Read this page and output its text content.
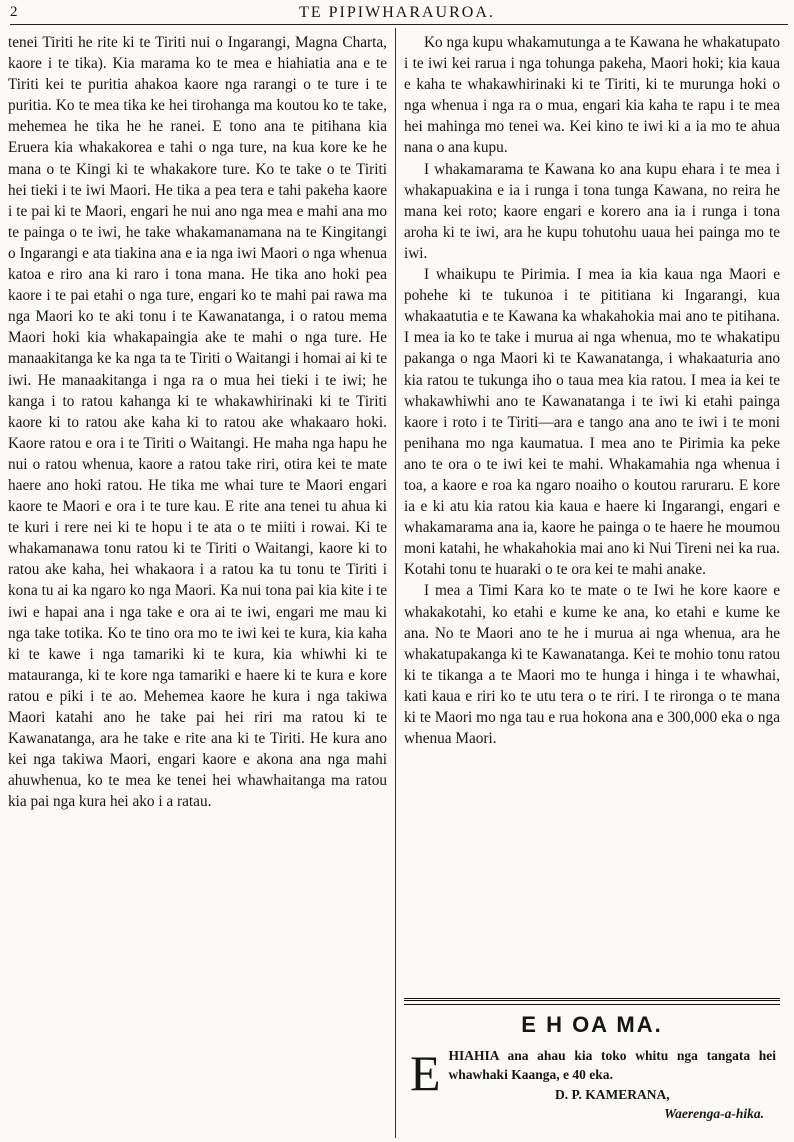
2	TE PIPIWHARAUROA.

tenei Tiriti he rite ki te Tiriti nui o Ingarangi, Magna Charta, kaore i te tika). Kia marama ko te mea e hiahiatia ana e te Tiriti kei te puritia ahakoa kaore nga rarangi o te ture i te puritia. Ko te mea tika ke hei tirohanga ma koutou ko te take, mehemea he tika he he ranei. E tono ana te pitihana kia Eruera kia whakakorea e tahi o nga ture, na kua kore ke he mana o te Kingi ki te whakakore ture. Ko te take o te Tiriti hei tieki i te iwi Maori. He tika a pea tera e tahi pakeha kaore i te pai ki te Maori, engari he nui ano nga mea e mahi ana mo te painga o te iwi, he take whakamanamana na te Kingitangi o Ingarangi e ata tiakina ana e ia nga iwi Maori o nga whenua katoa e riro ana ki raro i tona mana. He tika ano hoki pea kaore i te pai etahi o nga ture, engari ko te mahi pai rawa ma nga Maori ko te aki tonu i te Kawanatanga, i o ratou mema Maori hoki kia whakapaingia ake te mahi o nga ture. He manaakitanga ke ka nga ta te Tiriti o Waitangi i homai ai ki te iwi. He manaakitanga i nga ra o mua hei tieki i te iwi; he kanga i to ratou kahanga ki te whakawhirinaki ki te Tiriti kaore ki to ratou ake kaha ki to ratou ake whakaaro hoki. Kaore ratou e ora i te Tiriti o Waitangi. He maha nga hapu he nui o ratou whenua, kaore a ratou take riri, otira kei te mate haere ano hoki ratou. He tika me whai ture te Maori engari kaore te Maori e ora i te ture kau. E rite ana tenei tu ahua ki te kuri i rere nei ki te hopu i te ata o te miiti i rowai. Ki te whakamanawa tonu ratou ki te Tiriti o Waitangi, kaore ki to ratou ake kaha, hei whakaora i a ratou ka tu tonu te Tiriti i kona tu ai ka ngaro ko nga Maori. Ka nui tona pai kia kite i te iwi e hapai ana i nga take e ora ai te iwi, engari me mau ki nga take totika. Ko te tino ora mo te iwi kei te kura, kia kaha ki te kawe i nga tamariki ki te kura, kia whiwhi ki te matauranga, ki te kore nga tamariki e haere ki te kura e kore ratou e piki i te ao. Mehemea kaore he kura i nga takiwa Maori katahi ano he take pai hei riri ma ratou ki te Kawanatanga, ara he take e rite ana ki te Tiriti. He kura ano kei nga takiwa Maori, engari kaore e akona ana nga mahi ahuwhenua, ko te mea ke tenei hei whawhaitanga ma ratou kia pai nga kura hei ako i a ratau.

Ko nga kupu whakamutunga a te Kawana he whakatupato i te iwi kei rarua i nga tohunga pakeha, Maori hoki; kia kaua e kaha te whakawhirinaki ki te Tiriti, ki te murunga hoki o nga whenua i nga ra o mua, engari kia kaha te rapu i te mea hei mahinga mo tenei wa. Kei kino te iwi ki a ia mo te ahua nana o ana kupu.

I whakamarama te Kawana ko ana kupu ehara i te mea i whakapuakina e ia i runga i tona tunga Kawana, no reira he mana kei roto; kaore engari e korero ana ia i runga i tona aroha ki te iwi, ara he kupu tohutohu uaua hei painga mo te iwi.

I whaikupu te Pirimia. I mea ia kia kaua nga Maori e pohehe ki te tukunoa i te pititiana ki Ingarangi, kua whakaatutia e te Kawana ka whakahokia mai ano te pitihana. I mea ia ko te take i murua ai nga whenua, mo te whakatipu pakanga o nga Maori ki te Kawanatanga, i whakaaturia ano kia ratou te tukunga iho o taua mea kia ratou. I mea ia kei te whakawhiwhi ano te Kawanatanga i te iwi ki etahi painga kaore i roto i te Tiriti—ara e tango ana ano te iwi i te moni penihana mo nga kaumatua. I mea ano te Pirimia ka peke ano te ora o te iwi kei te mahi. Whakamahia nga whenua i toa, a kaore e roa ka ngaro noaiho o koutou raruraru. E kore ia e ki atu kia ratou kia kaua e haere ki Ingarangi, engari e whakamarama ana ia, kaore he painga o te haere he moumou moni katahi, he whakahokia mai ano ki Nui Tireni nei ka rua. Kotahi tonu te huaraki o te ora kei te mahi anake.

I mea a Timi Kara ko te mate o te Iwi he kore kaore e whakakotahi, ko etahi e kume ke ana, ko etahi e kume ke ana. No te Maori ano te he i murua ai nga whenua, ara he whakatupakanga ki te Kawanatanga. Kei te mohio tonu ratou ki te tikanga a te Maori mo te hunga i hinga i te whawhai, kati kaua e riri ko te utu tera o te riri. I te rironga o te mana ki te Maori mo nga tau e rua hokona ana e 300,000 eka o nga whenua Maori.

E H OA MA.
E HIAHIA ana ahau kia toko whitu nga tangata hei whawhaki Kaanga, e 40 eka.
D. P. KAMERANA,
Waerenga-a-hika.
